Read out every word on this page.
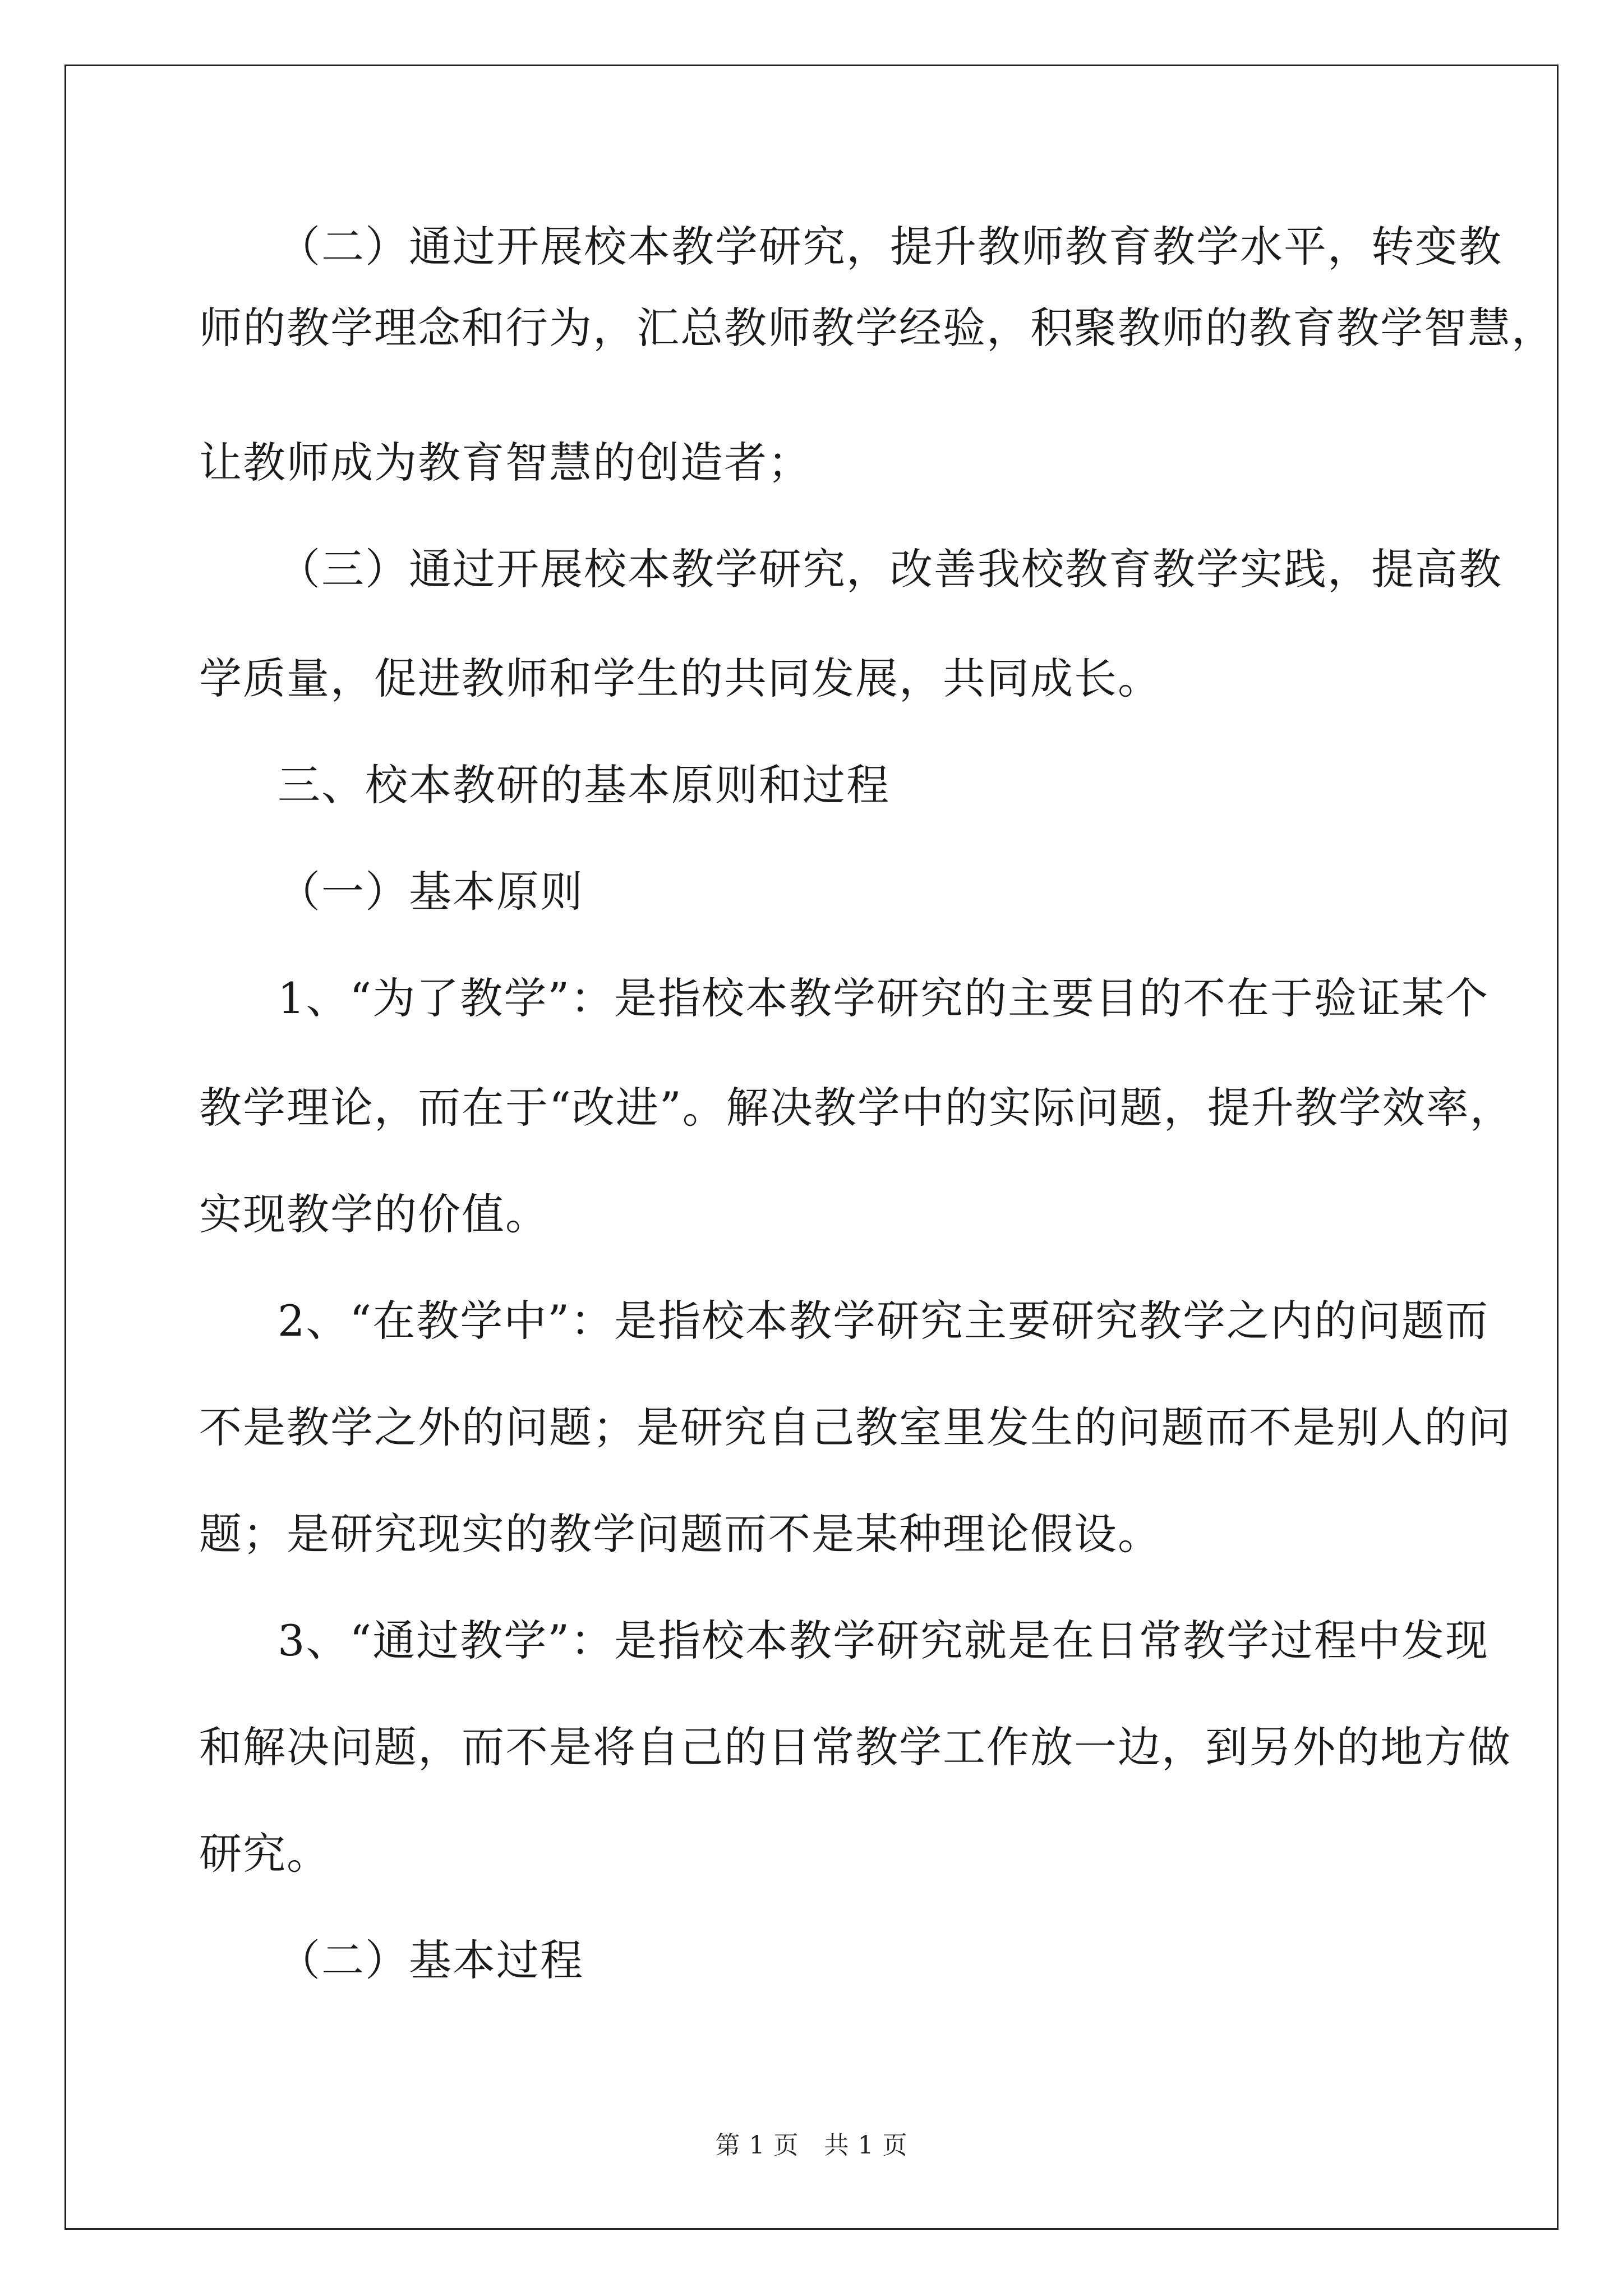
（二）通过开展校本教学研究，提升教师教育教学水平，转变教

师的教学理念和行为，汇总教师教学经验，积聚教师的教育教学智慧，

让教师成为教育智慧的创造者；

（三）通过开展校本教学研究，改善我校教育教学实践，提高教

学质量，促进教师和学生的共同发展，共同成长。

三、校本教研的基本原则和过程

（一）基本原则

1、“为了教学”：是指校本教学研究的主要目的不在于验证某个

教学理论，而在于“改进”。解决教学中的实际问题，提升教学效率，

实现教学的价值。

2、“在教学中”：是指校本教学研究主要研究教学之内的问题而

不是教学之外的问题；是研究自己教室里发生的问题而不是别人的问

题；是研究现实的教学问题而不是某种理论假设。

3、“通过教学”：是指校本教学研究就是在日常教学过程中发现

和解决问题，而不是将自己的日常教学工作放一边，到另外的地方做

研究。

（二）基本过程

第 1 页　共 1 页
